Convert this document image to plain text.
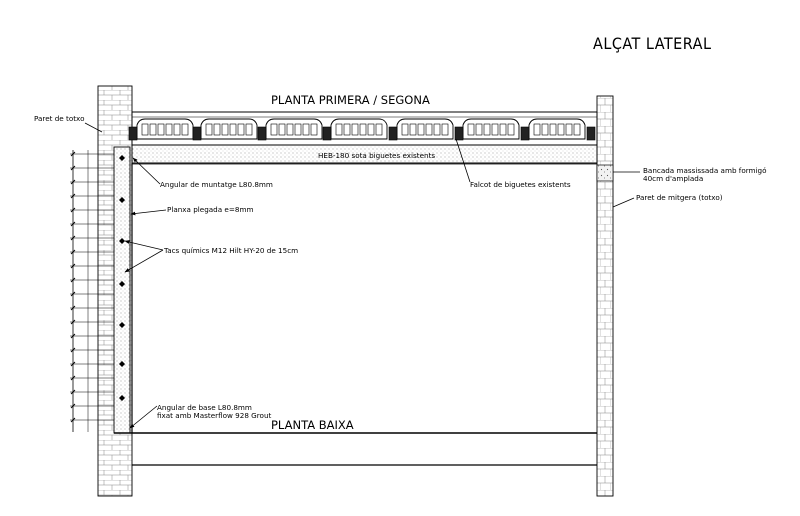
ALÇAT LATERAL
HEB-180 sota biguetes existents
PLANTA PRIMERA / SEGONA
PLANTA BAIXA
Paret de totxo
Angular de muntatge L80.8mm
Planxa plegada e=8mm
Tacs químics M12 Hilt HY-20 de 15cm
Angular de base L80.8mm
fixat amb Masterflow 928 Grout
Falcot de biguetes existents
Bancada massissada amb formigó
40cm d'amplada
Paret de mitgera (totxo)
